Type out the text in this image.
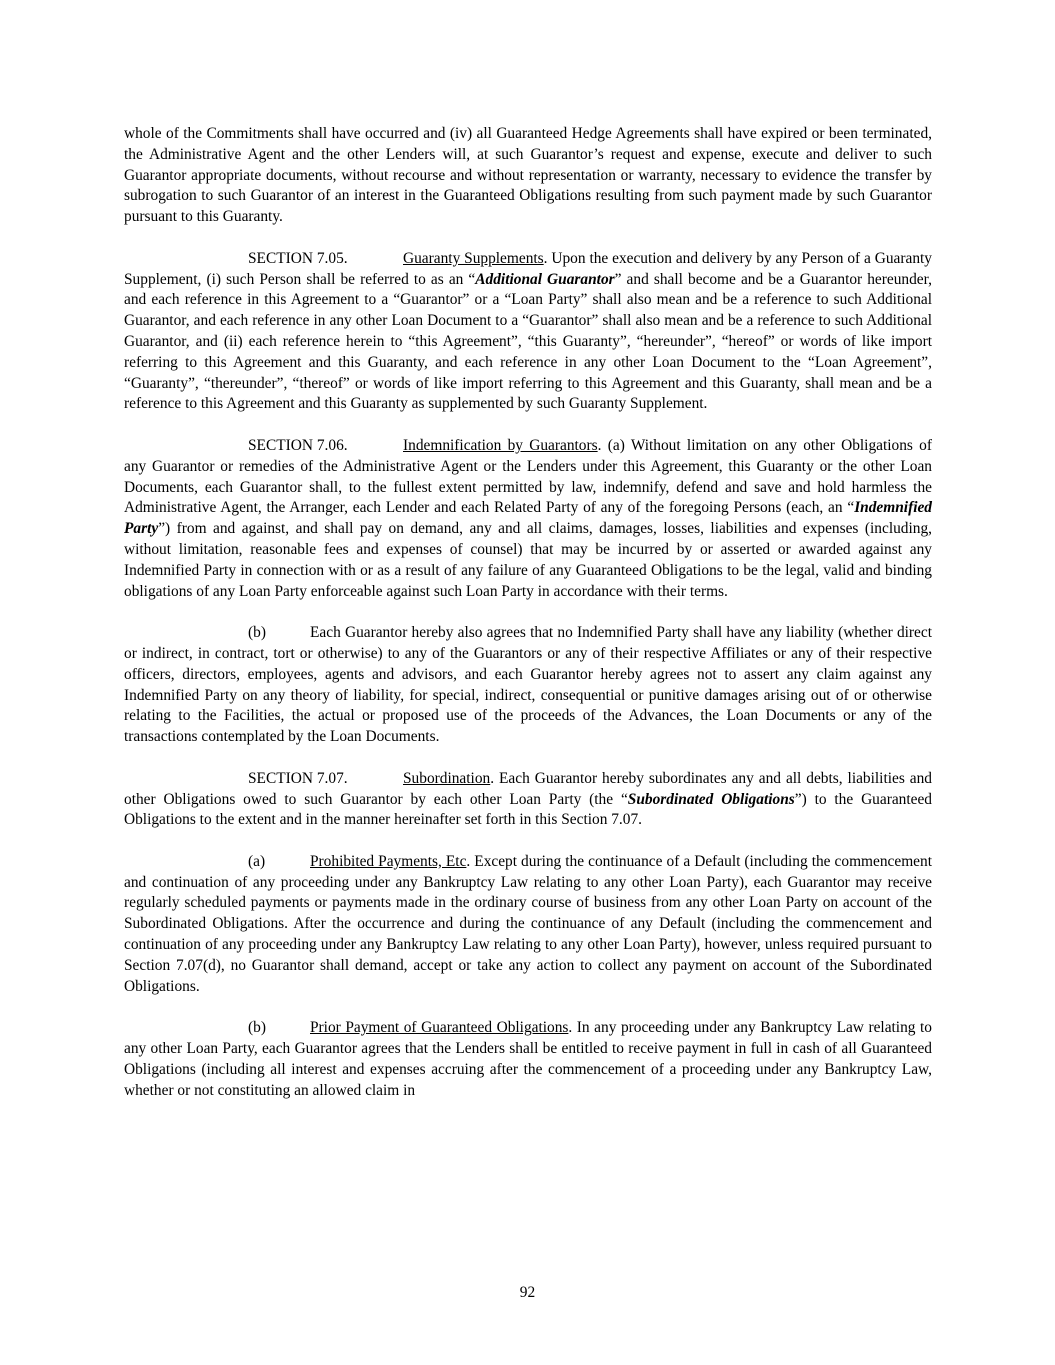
whole of the Commitments shall have occurred and (iv) all Guaranteed Hedge Agreements shall have expired or been terminated, the Administrative Agent and the other Lenders will, at such Guarantor’s request and expense, execute and deliver to such Guarantor appropriate documents, without recourse and without representation or warranty, necessary to evidence the transfer by subrogation to such Guarantor of an interest in the Guaranteed Obligations resulting from such payment made by such Guarantor pursuant to this Guaranty.

SECTION 7.05.	Guaranty Supplements. Upon the execution and delivery by any Person of a Guaranty Supplement, (i) such Person shall be referred to as an “Additional Guarantor” and shall become and be a Guarantor hereunder, and each reference in this Agreement to a “Guarantor” or a “Loan Party” shall also mean and be a reference to such Additional Guarantor, and each reference in any other Loan Document to a “Guarantor” shall also mean and be a reference to such Additional Guarantor, and (ii) each reference herein to “this Agreement”, “this Guaranty”, “hereunder”, “hereof” or words of like import referring to this Agreement and this Guaranty, and each reference in any other Loan Document to the “Loan Agreement”, “Guaranty”, “thereunder”, “thereof” or words of like import referring to this Agreement and this Guaranty, shall mean and be a reference to this Agreement and this Guaranty as supplemented by such Guaranty Supplement.

SECTION 7.06.	Indemnification by Guarantors. (a) Without limitation on any other Obligations of any Guarantor or remedies of the Administrative Agent or the Lenders under this Agreement, this Guaranty or the other Loan Documents, each Guarantor shall, to the fullest extent permitted by law, indemnify, defend and save and hold harmless the Administrative Agent, the Arranger, each Lender and each Related Party of any of the foregoing Persons (each, an “Indemnified Party”) from and against, and shall pay on demand, any and all claims, damages, losses, liabilities and expenses (including, without limitation, reasonable fees and expenses of counsel) that may be incurred by or asserted or awarded against any Indemnified Party in connection with or as a result of any failure of any Guaranteed Obligations to be the legal, valid and binding obligations of any Loan Party enforceable against such Loan Party in accordance with their terms.

(b)	Each Guarantor hereby also agrees that no Indemnified Party shall have any liability (whether direct or indirect, in contract, tort or otherwise) to any of the Guarantors or any of their respective Affiliates or any of their respective officers, directors, employees, agents and advisors, and each Guarantor hereby agrees not to assert any claim against any Indemnified Party on any theory of liability, for special, indirect, consequential or punitive damages arising out of or otherwise relating to the Facilities, the actual or proposed use of the proceeds of the Advances, the Loan Documents or any of the transactions contemplated by the Loan Documents.

SECTION 7.07.	Subordination. Each Guarantor hereby subordinates any and all debts, liabilities and other Obligations owed to such Guarantor by each other Loan Party (the “Subordinated Obligations”) to the Guaranteed Obligations to the extent and in the manner hereinafter set forth in this Section 7.07.

(a)	Prohibited Payments, Etc. Except during the continuance of a Default (including the commencement and continuation of any proceeding under any Bankruptcy Law relating to any other Loan Party), each Guarantor may receive regularly scheduled payments or payments made in the ordinary course of business from any other Loan Party on account of the Subordinated Obligations. After the occurrence and during the continuance of any Default (including the commencement and continuation of any proceeding under any Bankruptcy Law relating to any other Loan Party), however, unless required pursuant to Section 7.07(d), no Guarantor shall demand, accept or take any action to collect any payment on account of the Subordinated Obligations.

(b)	Prior Payment of Guaranteed Obligations. In any proceeding under any Bankruptcy Law relating to any other Loan Party, each Guarantor agrees that the Lenders shall be entitled to receive payment in full in cash of all Guaranteed Obligations (including all interest and expenses accruing after the commencement of a proceeding under any Bankruptcy Law, whether or not constituting an allowed claim in

92
